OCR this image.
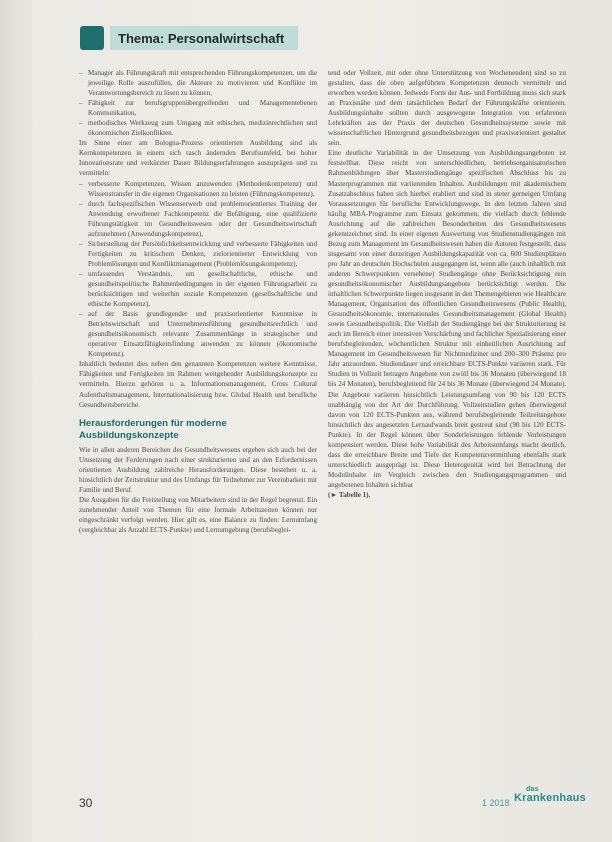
Thema: Personalwirtschaft
– Manager als Führungskraft mit entsprechenden Führungskompetenzen, um die jeweilige Rolle auszufüllen, die Akteure zu motivieren und Konflikte im Verantwortungsbereich zu lösen zu können,
– Fähigkeit zur berufsgruppenübergreifenden und Managementebenen Kommunikation,
– methodisches Werkzeug zum Umgang mit ethischen, medizinrechtlichen und ökonomischen Zielkonflikten.

Im Sinne einer am Bologna-Prozess orientierten Ausbildung sind als Kernkompetenzen in einem sich rasch ändernden Berufsumfeld, bei hoher Innovationsrate und verkürzter Dauer Bildungserfahrungen auszuprägen und zu vermitteln:

– verbesserte Kompetenzen, Wissen anzuwenden (Methodenkompetenz) und Wissenstransfer in die eigenen Organisationen zu leisten (Führungskompetenz),
– durch fachspezifischen Wissenserwerb und problemorientiertes Training der Anwendung erworbener Fachkompetenz die Befähigung, eine qualifizierte Führungstätigkeit im Gesundheitswesen oder der Gesundheitswirtschaft aufzunehmen (Anwendungskompetenz),
– Sicherstellung der Persönlichkeitsentwicklung und verbesserte Fähigkeiten und Fertigkeiten zu kritischem Denken, zielorientierter Entwicklung von Problemlösungen und Konfliktmanagement (Problemlösungskompetenz),
– umfassendes Verständnis, um gesellschaftliche, ethische und gesundheitspolitische Rahmenbedingungen in der eigenen Führungsarbeit zu berücksichtigen und weiterhin soziale Kompetenzen (gesellschaftliche und ethische Kompetenz),
– auf der Basis grundlegender und praxisorientierter Kenntnisse in Betriebswirtschaft und Unternehmensführung gesundheitsrechtlich und gesundheitsökonomisch relevante Zusammenhänge in strategischer und operativer Einsatzfähigkeitsfindung anwenden zu können (ökonomische Kompetenz).

Inhaltlich bedeutet dies neben den genannten Kompetenzen weitere Kenntnisse, Fähigkeiten und Fertigkeiten im Rahmen weitgehender Ausbildungskonzepte zu vermitteln. Hierzu gehören u. a. Informationsmanagement, Cross Cultural Aufenthaltsmanagement, Internationalisierung bzw. Global Health und berufliche Gesundheitsbereiche.

Herausforderungen für moderne Ausbildungskonzepte

Wie in allen anderen Bereichen des Gesundheitswesens ergeben sich auch bei der Umsetzung der Forderungen nach einer strukturierten und an den Erfordernissen orientierten Ausbildung zahlreiche Herausforderungen. Diese bestehen u. a. hinsichtlich der Zeitstruktur und des Umfangs für Teilnehmer zur Vereinbarkeit mit Familie und Beruf.

Die Ausgaben für die Freistellung von Mitarbeitern sind in der Regel begrenzt. Ein zunehmender Anteil von Themen für eine formale Arbeitszeiten können nur eingeschränkt verfolgt werden. Hier gilt es, eine Balance zu finden: Lernumfang (vergleichbar als Anzahl ECTS-Punkte) und Lernumgebung (berufsbeglei-

tend oder Vollzeit, mit oder ohne Unterstützung von Wochenenden) sind so zu gestalten, dass die oben aufgeführten Kompetenzen dennoch vermittelt und erworben werden können. Jedwede Form der Aus- und Fortbildung muss sich stark an Praxisnähe und dem tatsächlichen Bedarf der Führungskräfte orientieren. Ausbildungsinhalte sollten durch ausgewogene Integration von erfahrenen Lehrkräften aus der Praxis der deutschen Gesundheitssysteme sowie mit wissenschaftlichen Hintergrund gesundheitsbezogen und praxisorientiert gestaltet sein.

Eine deutliche Variabilität in der Umsetzung von Ausbildungsangeboten ist feststellbar. Diese reicht von unterschiedlichen, betriebsorganisatorischen Rahmenbildungen über Masterstudiengänge spezifischen Abschluss bis zu Masterprogrammen mit variierenden Inhalten. Ausbildungen mit akademischem Zusatzabschluss haben sich hierbei etabliert und sind in steter gerneigen Umfang Voraussetzungen für berufliche Entwicklungswege. In den letzten Jahren sind häufig MBA-Programme zum Einsatz gekommen, die vielfach durch fehlende Ausrichtung auf die zahlreichen Besonderheiten des Gesundheitswesens gekennzeichnet sind. In einer eigenen Auswertung von Studienstudiengängen mit Bezug zum Management im Gesundheitswesen haben die Autoren festgestellt, dass insgesamt von einer derzeitigen Ausbildungskapazität von ca. 600 Studienplätzen pro Jahr an deutschen Hochschulen ausgegangen ist, wenn alle (auch inhaltlich mit anderen Schwerpunkten versehene) Studiengänge ohne Berücksichtigung rein gesundheitsökonomischer Ausbildungsangebote berücksichtigt werden. Die inhaltlichen Schwerpunkte liegen insgesamt in den Themengebieten wie Healthcare Management, Organisation des öffentlichen Gesundheitswesens (Public Health), Gesundheitsökonomie, internationales Gesundheitsmanagement (Global Health) sowie Gesundheitspolitik. Die Vielfalt der Studiengänge bei der Strukturierung ist auch im Bereich einer intensiven Verschärfung und fachlicher Spezialisierung einer berufsbegleitenden, wöchentlichen Struktur mit einheitlichen Ausrichtung auf Management im Gesundheitswesen für Nichtmediziner und 200–300 Präsenz pro Jahr anzuordnen. Studiendauer und erreichbare ECTS-Punkte variieren stark. Für Studien in Vollzeit betragen Angebote von zwölf bis 36 Monaten (überwiegend 18 bis 24 Monaten), berufsbegleitend für 24 bis 36 Monate (überwiegend 24 Monate). Die Angebote variieren hinsichtlich Leistungsumfang von 90 bis 120 ECTS unabhängig von der Art der Durchführung. Vollzeitstudien gehen überwiegend davon von 120 ECTS-Punkten aus, während berufsbegleitende Teilzeitangebote hinsichtlich des angesetzten Lernaufwands breit gestreut sind (90 bis 120 ECTS-Punkte). In der Regel können über Sonderleistungen fehlende Vorleistungen kompensiert werden. Diese hohe Variabilität des Arbeitsumfangs macht deutlich, dass die erreichbare Breite und Tiefe der Kompetenzvermittlung ebenfalls stark unterschiedlich ausgeprägt ist. Diese Heterogenität wird bei Betrachtung der Modulinhalte im Vergleich zwischen den Studiengangsprogrammen und angebotenen Inhalten sichtbar

(► Tabelle 1).

30	1 2018
das
Krankenhaus
